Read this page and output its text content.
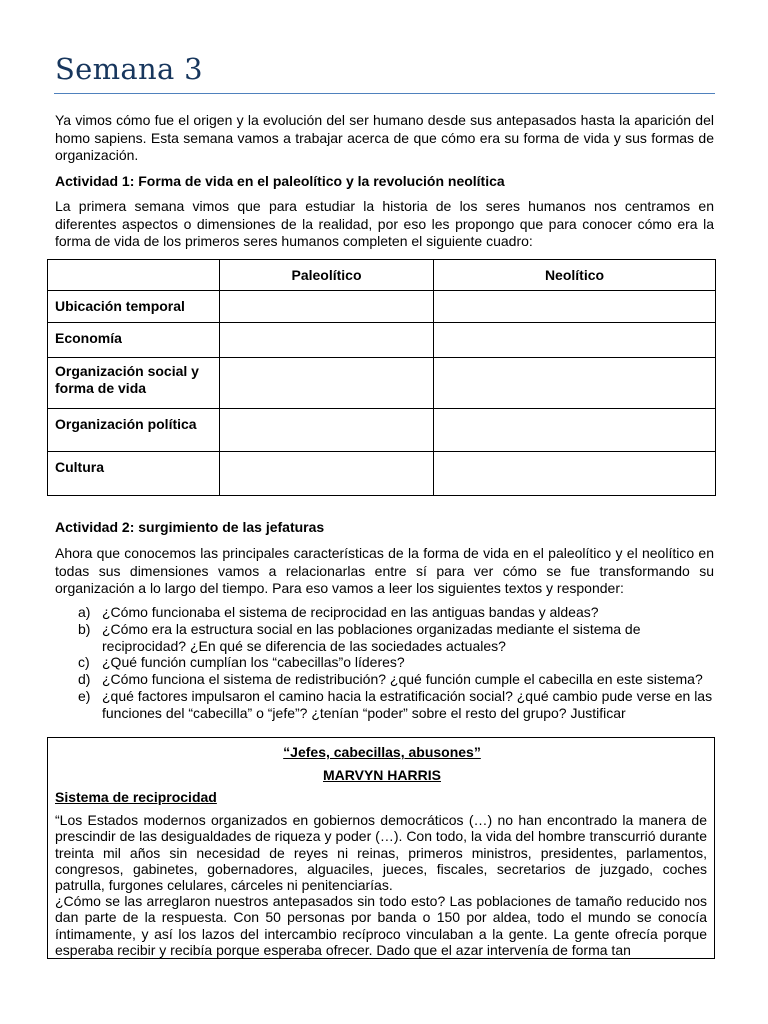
Semana 3

Ya vimos cómo fue el origen y la evolución del ser humano desde sus antepasados hasta la aparición del homo sapiens. Esta semana vamos a trabajar acerca de que cómo era su forma de vida y sus formas de organización.

Actividad 1: Forma de vida en el paleolítico y la revolución neolítica

La primera semana vimos que para estudiar la historia de los seres humanos nos centramos en diferentes aspectos o dimensiones de la realidad, por eso les propongo que para conocer cómo era la forma de vida de los primeros seres humanos completen el siguiente cuadro:

	Paleolítico	Neolítico
Ubicación temporal		
Economía		
Organización social y forma de vida		
Organización política		
Cultura		

Actividad 2: surgimiento de las jefaturas

Ahora que conocemos las principales características de la forma de vida en el paleolítico y el neolítico en todas sus dimensiones vamos a relacionarlas entre sí para ver cómo se fue transformando su organización a lo largo del tiempo. Para eso vamos a leer los siguientes textos y responder:

a) ¿Cómo funcionaba el sistema de reciprocidad en las antiguas bandas y aldeas?
b) ¿Cómo era la estructura social en las poblaciones organizadas mediante el sistema de reciprocidad? ¿En qué se diferencia de las sociedades actuales?
c) ¿Qué función cumplían los “cabecillas”o líderes?
d) ¿Cómo funciona el sistema de redistribución? ¿qué función cumple el cabecilla en este sistema?
e) ¿qué factores impulsaron el camino hacia la estratificación social? ¿qué cambio pude verse en las funciones del “cabecilla” o “jefe”? ¿tenían “poder” sobre el resto del grupo? Justificar

“Jefes, cabecillas, abusones”

MARVYN HARRIS

Sistema de reciprocidad

“Los Estados modernos organizados en gobiernos democráticos (…) no han encontrado la manera de prescindir de las desigualdades de riqueza y poder (…). Con todo, la vida del hombre transcurrió durante treinta mil años sin necesidad de reyes ni reinas, primeros ministros, presidentes, parlamentos, congresos, gabinetes, gobernadores, alguaciles, jueces, fiscales, secretarios de juzgado, coches patrulla, furgones celulares, cárceles ni penitenciarías.

¿Cómo se las arreglaron nuestros antepasados sin todo esto? Las poblaciones de tamaño reducido nos dan parte de la respuesta. Con 50 personas por banda o 150 por aldea, todo el mundo se conocía íntimamente, y así los lazos del intercambio recíproco vinculaban a la gente. La gente ofrecía porque esperaba recibir y recibía porque esperaba ofrecer. Dado que el azar intervenía de forma tan
